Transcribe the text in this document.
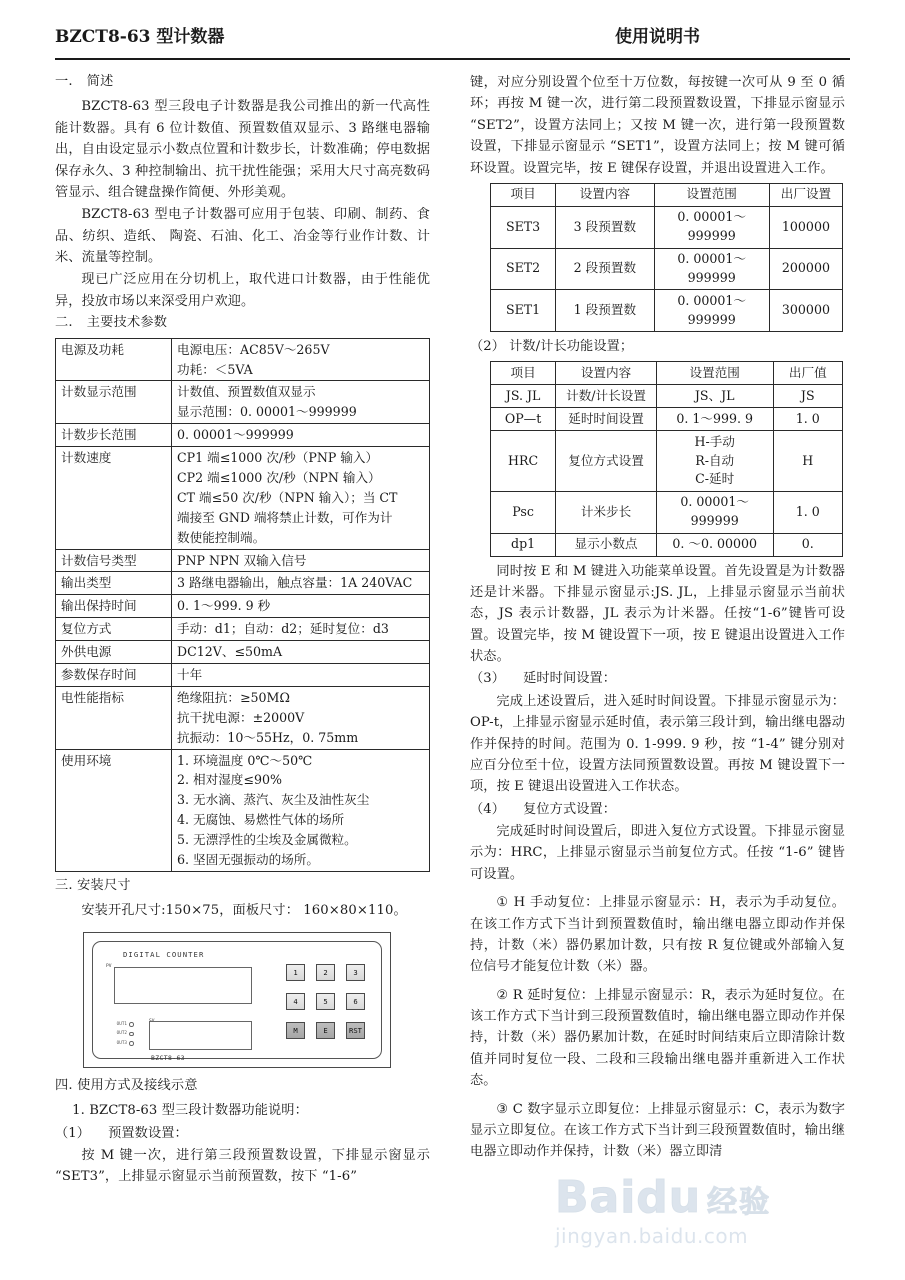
BZCT8-63 型计数器	使用说明书
一. 简述

BZCT8-63 型三段电子计数器是我公司推出的新一代高性能计数器。具有 6 位计数值、预置数值双显示、3 路继电器输出，自由设定显示小数点位置和计数步长，计数准确；停电数据保存永久、3 种控制输出、抗干扰性能强；采用大尺寸高亮数码管显示、组合键盘操作简便、外形美观。

BZCT8-63 型电子计数器可应用于包装、印刷、制药、食品、纺织、造纸、 陶瓷、石油、化工、冶金等行业作计数、计米、流量等控制。

现已广泛应用在分切机上，取代进口计数器，由于性能优异，投放市场以来深受用户欢迎。

二. 主要技术参数
电源及功耗	电源电压：AC85V～265V
功耗：＜5VA

计数显示范围	计数值、预置数值双显示
显示范围：0. 00001～999999

计数步长范围	0. 00001～999999

计数速度	CP1 端≤1000 次/秒（PNP 输入）
CP2 端≤1000 次/秒（NPN 输入）
CT 端≤50 次/秒（NPN 输入）；当 CT
端接至 GND 端将禁止计数，可作为计
数使能控制端。

计数信号类型	PNP NPN 双输入信号

输出类型	3 路继电器输出，触点容量：1A 240VAC

输出保持时间	0. 1～999. 9 秒

复位方式	手动：d1；自动：d2；延时复位：d3

外供电源	DC12V、≤50mA

参数保存时间	十年

电性能指标	绝缘阻抗：≥50MΩ
抗干扰电源：±2000V
抗振动：10～55Hz，0. 75mm

使用环境	1. 环境温度 0℃～50℃
2. 相对湿度≤90%
3. 无水滴、蒸汽、灰尘及油性灰尘
4. 无腐蚀、易燃性气体的场所
5. 无漂浮性的尘埃及金属微粒。
6. 坚固无强振动的场所。
三. 安装尺寸

安装开孔尺寸:150×75，面板尺寸： 160×80×110。

DIGITAL COUNTER
PV
SV
OUT1
OUT2
OUT3
BZCT8-63
1	2	3
4	5	6
M	E	RST
四. 使用方式及接线示意

1. BZCT8-63 型三段计数器功能说明：

（1） 预置数设置：

按 M 键一次，进行第三段预置数设置，下排显示窗显示 “SET3”，上排显示窗显示当前预置数，按下 “1-6”

键，对应分别设置个位至十万位数，每按键一次可从 9 至 0 循环；再按 M 键一次，进行第二段预置数设置，下排显示窗显示 “SET2”，设置方法同上；又按 M 键一次，进行第一段预置数设置，下排显示窗显示 “SET1”，设置方法同上；按 M 键可循环设置。设置完毕，按 E 键保存设置，并退出设置进入工作。

项目	设置内容	设置范围	出厂设置
SET3	3 段预置数	0. 00001～999999	100000
SET2	2 段预置数	0. 00001～999999	200000
SET1	1 段预置数	0. 00001～999999	300000

（2） 计数/计长功能设置；

项目	设置内容	设置范围	出厂值
JS. JL	计数/计长设置	JS、JL	JS
OP—t	延时时间设置	0. 1～999. 9	1. 0
HRC	复位方式设置	H-手动
R-自动
C-延时	H
Psc	计米步长	0. 00001～
999999	1. 0
dp1	显示小数点	0. ～0. 00000	0.

同时按 E 和 M 键进入功能菜单设置。首先设置是为计数器还是计米器。下排显示窗显示:JS. JL，上排显示窗显示当前状态，JS 表示计数器，JL 表示为计米器。任按“1-6”键皆可设置。设置完毕，按 M 键设置下一项，按 E 键退出设置进入工作状态。

（3） 延时时间设置：

完成上述设置后，进入延时时间设置。下排显示窗显示为：OP-t，上排显示窗显示延时值，表示第三段计到，输出继电器动作并保持的时间。范围为 0. 1-999. 9 秒，按 “1-4” 键分别对应百分位至十位，设置方法同预置数设置。再按 M 键设置下一项，按 E 键退出设置进入工作状态。

（4） 复位方式设置：

完成延时时间设置后，即进入复位方式设置。下排显示窗显示为：HRC，上排显示窗显示当前复位方式。任按 “1-6” 键皆可设置。

① H 手动复位：上排显示窗显示：H，表示为手动复位。在该工作方式下当计到预置数值时，输出继电器立即动作并保持，计数（米）器仍累加计数，只有按 R 复位键或外部输入复位信号才能复位计数（米）器。

② R 延时复位：上排显示窗显示：R，表示为延时复位。在该工作方式下当计到三段预置数值时，输出继电器立即动作并保持，计数（米）器仍累加计数，在延时时间结束后立即清除计数值并同时复位一段、二段和三段输出继电器并重新进入工作状态。

③ C 数字显示立即复位：上排显示窗显示：C，表示为数字显示立即复位。在该工作方式下当计到三段预置数值时，输出继电器立即动作并保持，计数（米）器立即清

Baidu 经验
jingyan.baidu.com
